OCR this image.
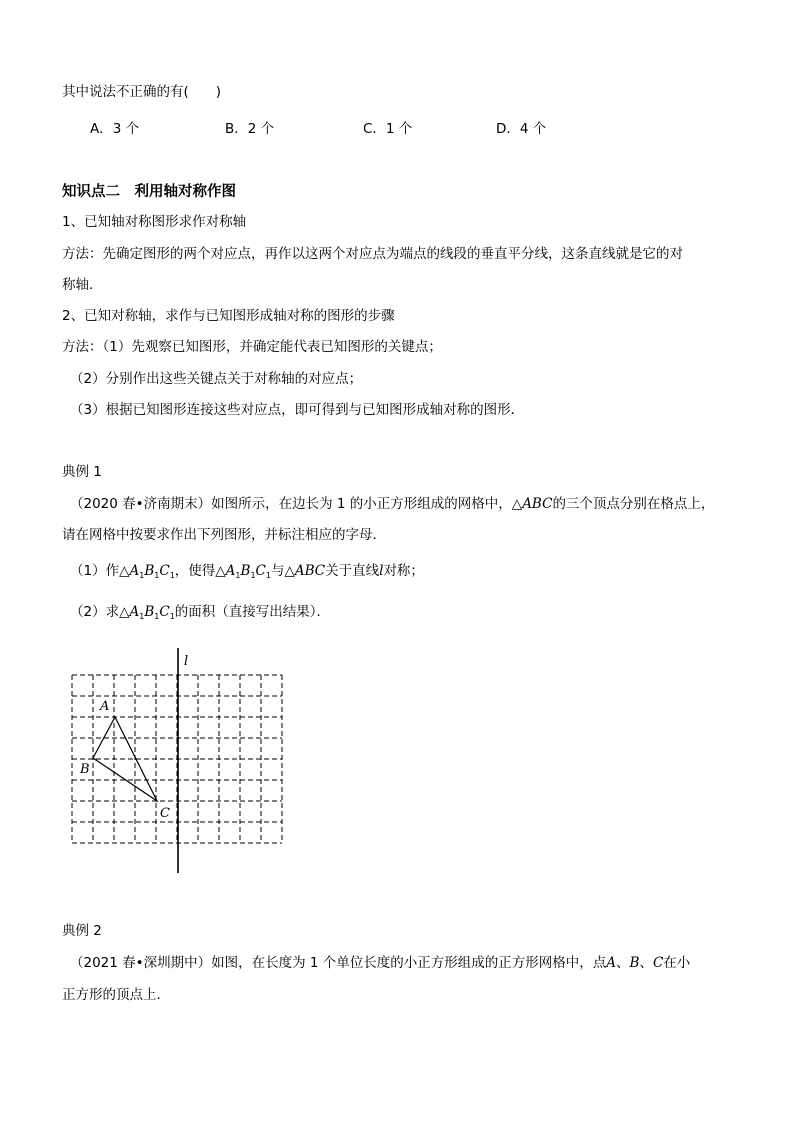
其中说法不正确的有(　　)
A．3 个	B．2 个	C．1 个	D．4 个
知识点二　利用轴对称作图
1、已知轴对称图形求作对称轴
方法：先确定图形的两个对应点，再作以这两个对应点为端点的线段的垂直平分线，这条直线就是它的对
称轴．
2、已知对称轴，求作与已知图形成轴对称的图形的步骤
方法：（1）先观察已知图形，并确定能代表已知图形的关键点；
（2）分别作出这些关键点关于对称轴的对应点；
（3）根据已知图形连接这些对应点，即可得到与已知图形成轴对称的图形．
典例 1
（2020 春•济南期末）如图所示，在边长为 1 的小正方形组成的网格中，△ABC的三个顶点分别在格点上，
请在网格中按要求作出下列图形，并标注相应的字母．
（1）作$\triangle A_1B_1C_1$，使得$\triangle A_1B_1C_1$与△ABC关于直线l对称；
（2）求$\triangle A_1B_1C_1$的面积（直接写出结果）．
l
A
B
C
典例 2
（2021 春•深圳期中）如图，在长度为 1 个单位长度的小正方形组成的正方形网格中，点A、B、C在小
正方形的顶点上．
